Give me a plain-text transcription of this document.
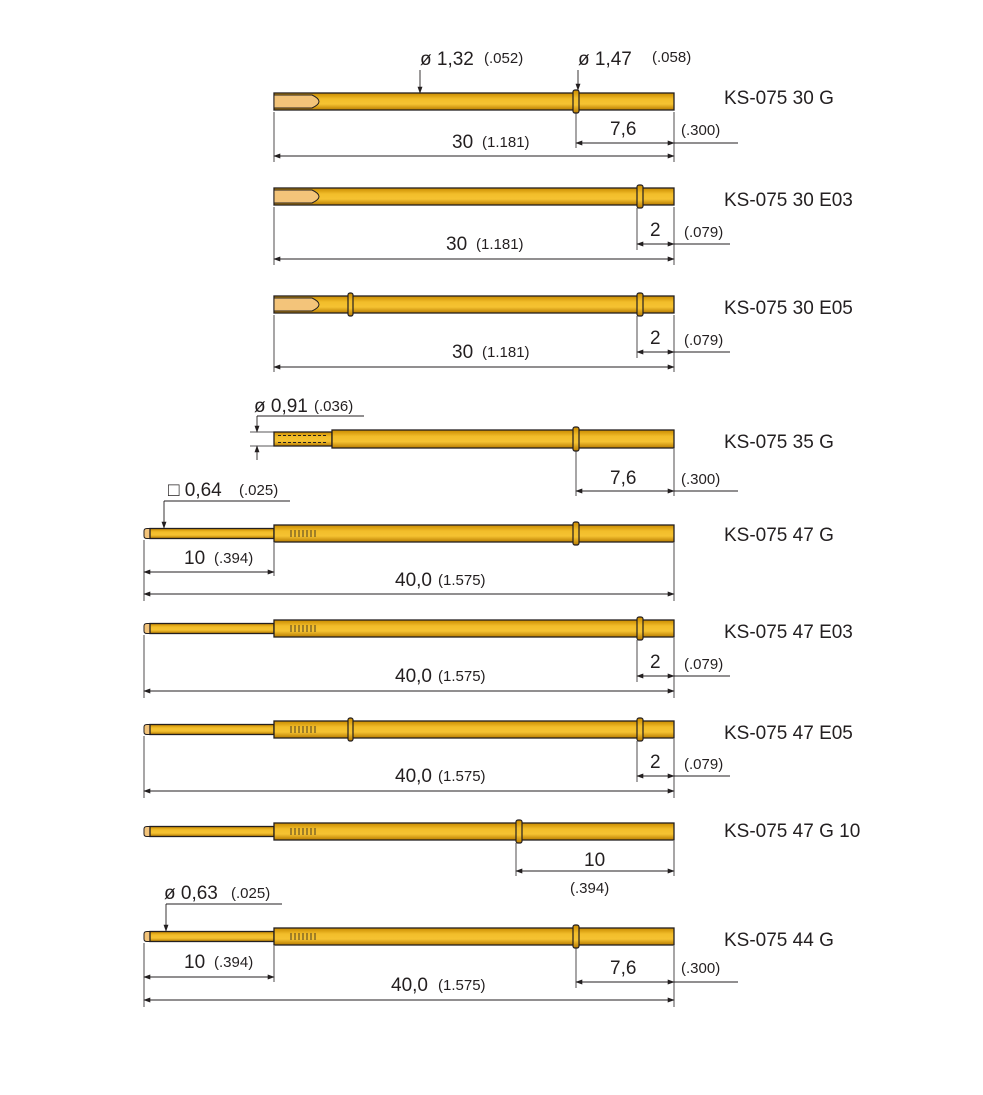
ø 1,32 (.052)	ø 1,47 (.058)
7,6	(.300)
30 (1.181)
KS-075 30 G
2 (.079)
30 (1.181)
KS-075 30 E03
2 (.079)
30 (1.181)
KS-075 30 E05
ø 0,91 (.036)
7,6	(.300)
KS-075 35 G
□ 0,64 (.025)
10 (.394)
40,0 (1.575)
KS-075 47 G
2 (.079)
40,0 (1.575)
KS-075 47 E03
2 (.079)
40,0 (1.575)
KS-075 47 E05
10
(.394)
KS-075 47 G 10
ø 0,63 (.025)
10 (.394)	7,6	(.300)
40,0 (1.575)
KS-075 44 G
